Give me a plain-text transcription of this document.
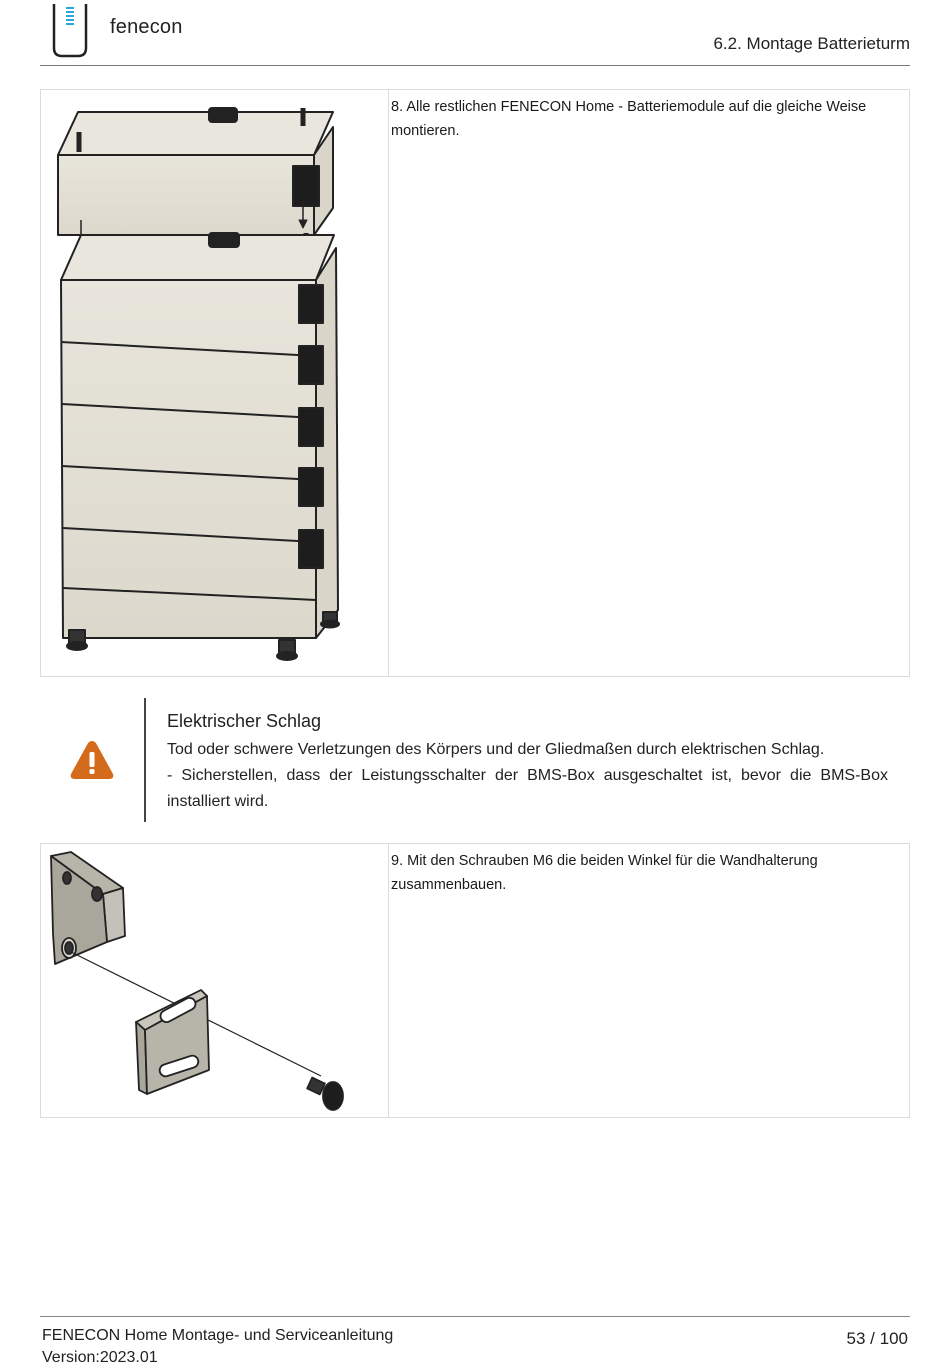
fenecon
6.2. Montage Batterieturm
8. Alle restlichen FENECON Home - Batteriemodule auf die gleiche Weise montieren.
Elektrischer Schlag

Tod oder schwere Verletzungen des Körpers und der Gliedmaßen durch elektrischen Schlag.

- Sicherstellen, dass der Leistungsschalter der BMS-Box ausgeschaltet ist, bevor die BMS-Box installiert wird.

9. Mit den Schrauben M6 die beiden Winkel für die Wandhalterung zusammenbauen.
FENECON Home Montage- und Serviceanleitung
Version:2023.01
53 / 100
